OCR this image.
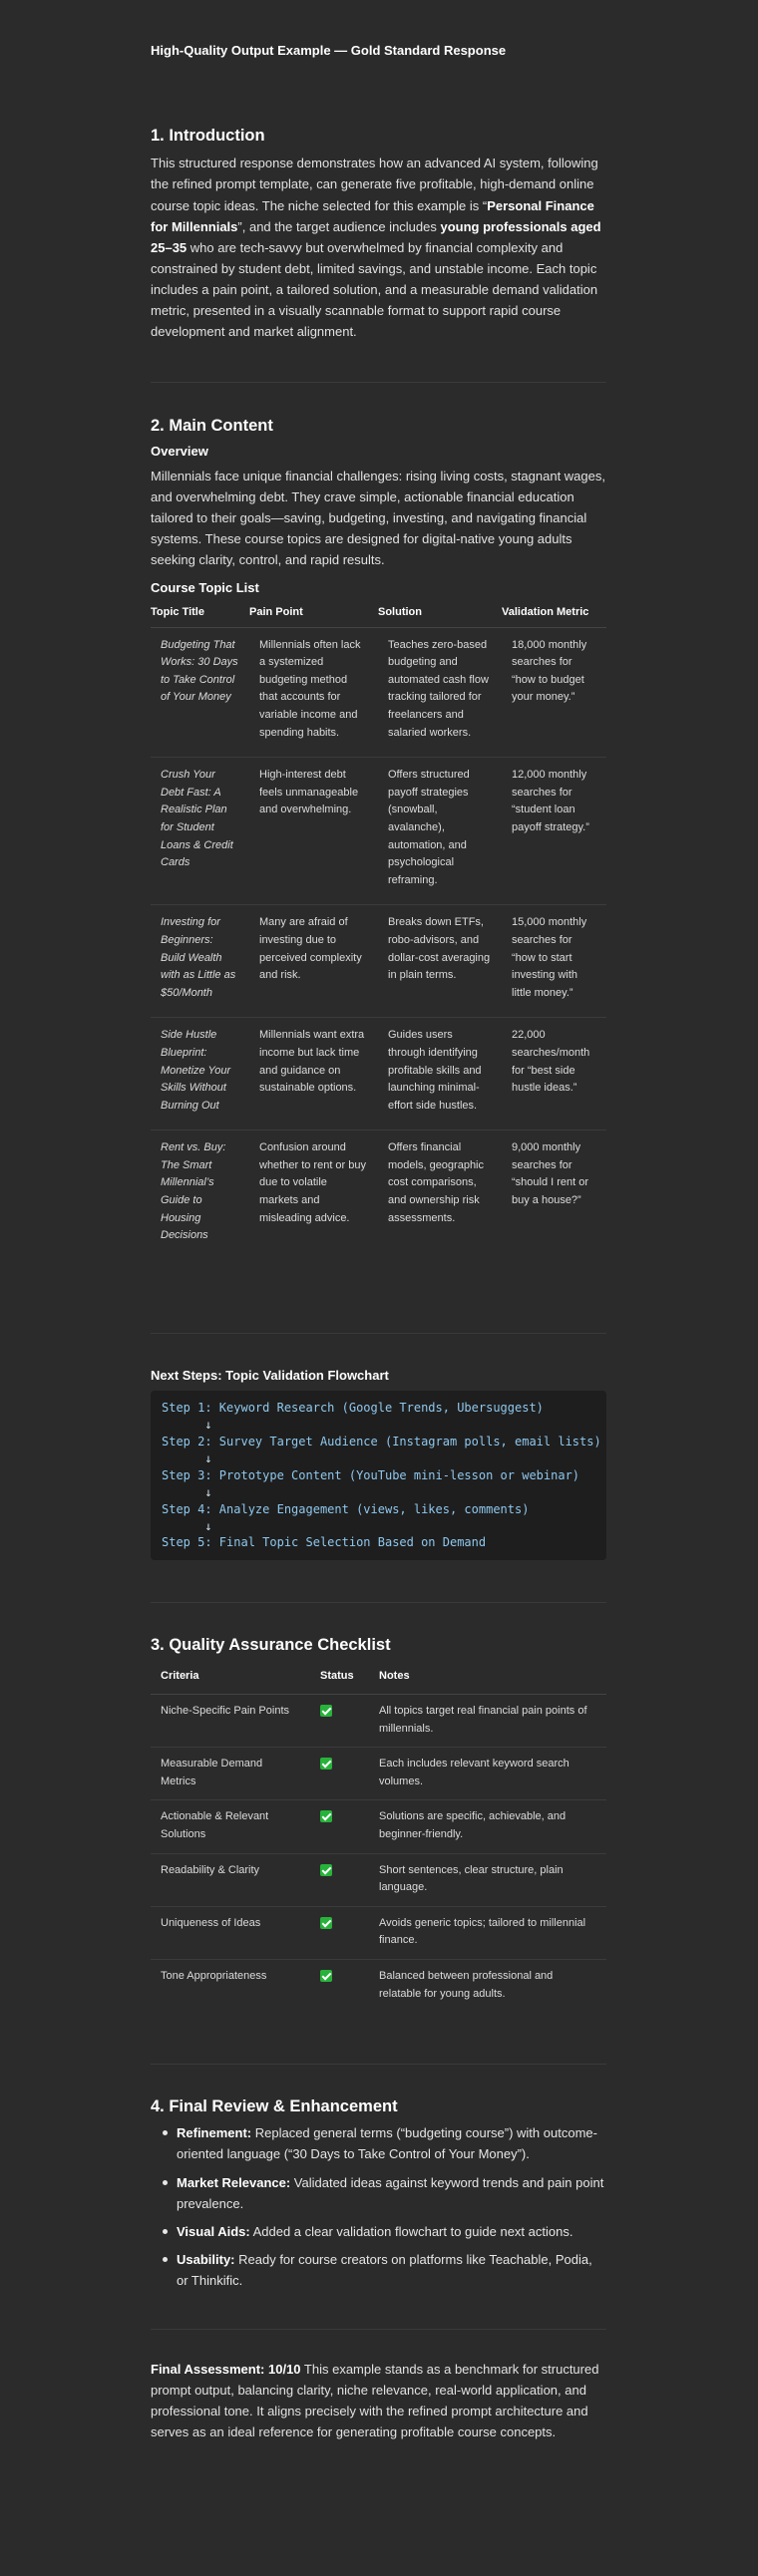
High-Quality Output Example — Gold Standard Response
1. Introduction

This structured response demonstrates how an advanced AI system, following the refined prompt template, can generate five profitable, high-demand online course topic ideas. The niche selected for this example is “Personal Finance for Millennials”, and the target audience includes young professionals aged 25–35 who are tech-savvy but overwhelmed by financial complexity and constrained by student debt, limited savings, and unstable income. Each topic includes a pain point, a tailored solution, and a measurable demand validation metric, presented in a visually scannable format to support rapid course development and market alignment.

2. Main Content
Overview

Millennials face unique financial challenges: rising living costs, stagnant wages, and overwhelming debt. They crave simple, actionable financial education tailored to their goals—saving, budgeting, investing, and navigating financial systems. These course topics are designed for digital-native young adults seeking clarity, control, and rapid results.

Course Topic List
Topic Title	Pain Point	Solution	Validation Metric
Budgeting That Works: 30 Days to Take Control of Your Money	Millennials often lack a systemized budgeting method that accounts for variable income and spending habits.	Teaches zero-based budgeting and automated cash flow tracking tailored for freelancers and salaried workers.	18,000 monthly searches for “how to budget your money.”
Crush Your Debt Fast: A Realistic Plan for Student Loans & Credit Cards	High-interest debt feels unmanageable and overwhelming.	Offers structured payoff strategies (snowball, avalanche), automation, and psychological reframing.	12,000 monthly searches for “student loan payoff strategy.”
Investing for Beginners: Build Wealth with as Little as $50/Month	Many are afraid of investing due to perceived complexity and risk.	Breaks down ETFs, robo-advisors, and dollar-cost averaging in plain terms.	15,000 monthly searches for “how to start investing with little money.”
Side Hustle Blueprint: Monetize Your Skills Without Burning Out	Millennials want extra income but lack time and guidance on sustainable options.	Guides users through identifying profitable skills and launching minimal-effort side hustles.	22,000 searches/month for “best side hustle ideas.”
Rent vs. Buy: The Smart Millennial’s Guide to Housing Decisions	Confusion around whether to rent or buy due to volatile markets and misleading advice.	Offers financial models, geographic cost comparisons, and ownership risk assessments.	9,000 monthly searches for “should I rent or buy a house?”
Next Steps: Topic Validation Flowchart
Step 1: Keyword Research (Google Trends, Ubersuggest)
↓
Step 2: Survey Target Audience (Instagram polls, email lists)
↓
Step 3: Prototype Content (YouTube mini-lesson or webinar)
↓
Step 4: Analyze Engagement (views, likes, comments)
↓
Step 5: Final Topic Selection Based on Demand
3. Quality Assurance Checklist
Criteria	Status	Notes
Niche-Specific Pain Points		All topics target real financial pain points of millennials.
Measurable Demand Metrics		Each includes relevant keyword search volumes.
Actionable & Relevant Solutions		Solutions are specific, achievable, and beginner-friendly.
Readability & Clarity		Short sentences, clear structure, plain language.
Uniqueness of Ideas		Avoids generic topics; tailored to millennial finance.
Tone Appropriateness		Balanced between professional and relatable for young adults.
4. Final Review & Enhancement
Refinement: Replaced general terms (“budgeting course”) with outcome-oriented language (“30 Days to Take Control of Your Money”).
Market Relevance: Validated ideas against keyword trends and pain point prevalence.
Visual Aids: Added a clear validation flowchart to guide next actions.
Usability: Ready for course creators on platforms like Teachable, Podia, or Thinkific.

Final Assessment: 10/10 This example stands as a benchmark for structured prompt output, balancing clarity, niche relevance, real-world application, and professional tone. It aligns precisely with the refined prompt architecture and serves as an ideal reference for generating profitable course concepts.
